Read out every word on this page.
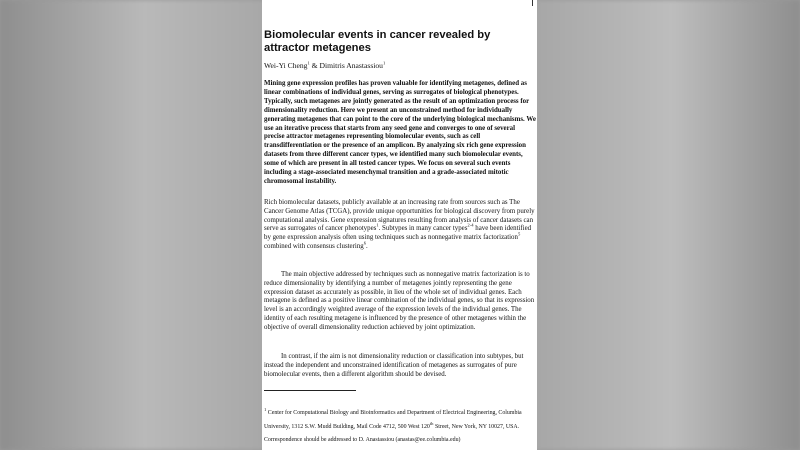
Biomolecular events in cancer revealed by attractor metagenes
Wei-Yi Cheng$^1$ & Dimitris Anastassiou$^1$

Mining gene expression profiles has proven valuable for identifying metagenes, defined as linear combinations of individual genes, serving as surrogates of biological phenotypes. Typically, such metagenes are jointly generated as the result of an optimization process for dimensionality reduction. Here we present an unconstrained method for individually generating metagenes that can point to the core of the underlying biological mechanisms. We use an iterative process that starts from any seed gene and converges to one of several precise attractor metagenes representing biomolecular events, such as cell transdifferentiation or the presence of an amplicon. By analyzing six rich gene expression datasets from three different cancer types, we identified many such biomolecular events, some of which are present in all tested cancer types. We focus on several such events including a stage-associated mesenchymal transition and a grade-associated mitotic chromosomal instability.

Rich biomolecular datasets, publicly available at an increasing rate from sources such as The Cancer Genome Atlas (TCGA), provide unique opportunities for biological discovery from purely computational analysis. Gene expression signatures resulting from analysis of cancer datasets can serve as surrogates of cancer phenotypes$^1$. Subtypes in many cancer types$^{2-4}$ have been identified by gene expression analysis often using techniques such as nonnegative matrix factorization$^5$ combined with consensus clustering$^6$.

The main objective addressed by techniques such as nonnegative matrix factorization is to reduce dimensionality by identifying a number of metagenes jointly representing the gene expression dataset as accurately as possible, in lieu of the whole set of individual genes. Each metagene is defined as a positive linear combination of the individual genes, so that its expression level is an accordingly weighted average of the expression levels of the individual genes. The identity of each resulting metagene is influenced by the presence of other metagenes within the objective of overall dimensionality reduction achieved by joint optimization.

In contrast, if the aim is not dimensionality reduction or classification into subtypes, but instead the independent and unconstrained identification of metagenes as surrogates of pure biomolecular events, then a different algorithm should be devised.

$^1$ Center for Computational Biology and Bioinformatics and Department of Electrical Engineering, Columbia University, 1312 S.W. Mudd Building, Mail Code 4712, 500 West 120th Street, New York, NY 10027, USA. Correspondence should be addressed to D. Anastassiou (anastas@ee.columbia.edu)
